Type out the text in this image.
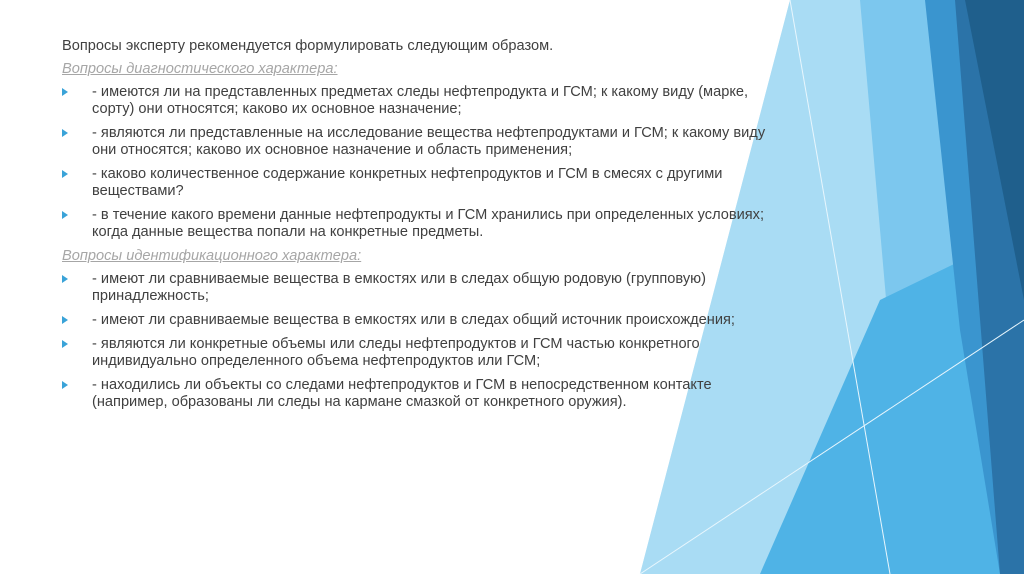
Вопросы эксперту рекомендуется формулировать следующим образом.
Вопросы диагностического характера:
- имеются ли на представленных предметах следы нефтепродукта и ГСМ; к какому виду (марке, сорту) они относятся; каково их основное назначение;
- являются ли представленные на исследование вещества нефтепродуктами и ГСМ; к какому виду они относятся; каково их основное назначение и область применения;
- каково количественное содержание конкретных нефтепродуктов и ГСМ в смесях с другими веществами?
- в течение какого времени данные нефтепродукты и ГСМ хранились при определенных условиях; когда данные вещества попали на конкретные предметы.
Вопросы идентификационного характера:
- имеют ли сравниваемые вещества в емкостях или в следах общую родовую (групповую) принадлежность;
- имеют ли сравниваемые вещества в емкостях или в следах общий источник происхождения;
- являются ли конкретные объемы или следы нефтепродуктов и ГСМ частью конкретного индивидуально определенного объема нефтепродуктов или ГСМ;
- находились ли объекты со следами нефтепродуктов и ГСМ в непосредственном контакте (например, образованы ли следы на кармане смазкой от конкретного оружия).
